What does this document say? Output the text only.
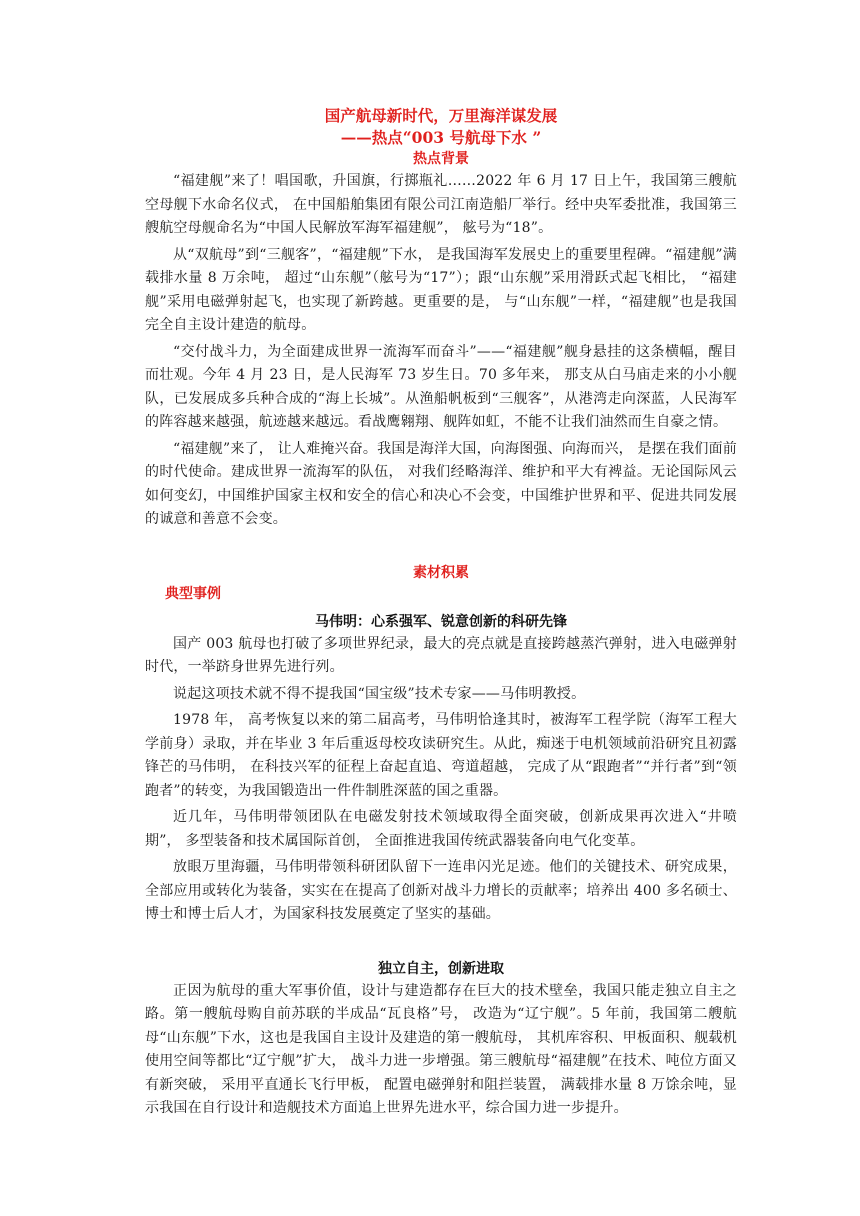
国产航母新时代，万里海洋谋发展
——热点“003 号航母下水 ”
热点背景

“福建舰”来了！唱国歌，升国旗，行掷瓶礼……2022 年 6 月 17 日上午，我国第三艘航空母舰下水命名仪式， 在中国船舶集团有限公司江南造船厂举行。经中央军委批准，我国第三艘航空母舰命名为“中国人民解放军海军福建舰”， 舷号为“18”。

从“双航母”到“三舰客”，“福建舰”下水， 是我国海军发展史上的重要里程碑。“福建舰”满载排水量 8 万余吨， 超过“山东舰”（舷号为“17”）；跟“山东舰”采用滑跃式起飞相比， “福建舰”采用电磁弹射起飞，也实现了新跨越。更重要的是， 与“山东舰”一样，“福建舰”也是我国完全自主设计建造的航母。

“交付战斗力，为全面建成世界一流海军而奋斗”——“福建舰”舰身悬挂的这条横幅，醒目而壮观。今年 4 月 23 日，是人民海军 73 岁生日。70 多年来， 那支从白马庙走来的小小舰队，已发展成多兵种合成的“海上长城”。从渔船帆板到“三舰客”，从港湾走向深蓝，人民海军的阵容越来越强，航迹越来越远。看战鹰翱翔、舰阵如虹，不能不让我们油然而生自豪之情。

“福建舰”来了， 让人难掩兴奋。我国是海洋大国，向海图强、向海而兴， 是摆在我们面前的时代使命。建成世界一流海军的队伍， 对我们经略海洋、维护和平大有裨益。无论国际风云如何变幻，中国维护国家主权和安全的信心和决心不会变，中国维护世界和平、促进共同发展的诚意和善意不会变。

素材积累
典型事例
马伟明：心系强军、锐意创新的科研先锋

国产 003 航母也打破了多项世界纪录，最大的亮点就是直接跨越蒸汽弹射，进入电磁弹射时代，一举跻身世界先进行列。

说起这项技术就不得不提我国“国宝级”技术专家——马伟明教授。

1978 年， 高考恢复以来的第二届高考，马伟明恰逢其时，被海军工程学院（海军工程大学前身）录取，并在毕业 3 年后重返母校攻读研究生。从此，痴迷于电机领域前沿研究且初露锋芒的马伟明， 在科技兴军的征程上奋起直追、弯道超越， 完成了从“跟跑者”“并行者”到“领跑者”的转变，为我国锻造出一件件制胜深蓝的国之重器。

近几年，马伟明带领团队在电磁发射技术领域取得全面突破，创新成果再次进入“井喷期”， 多型装备和技术属国际首创， 全面推进我国传统武器装备向电气化变革。

放眼万里海疆，马伟明带领科研团队留下一连串闪光足迹。他们的关键技术、研究成果，全部应用或转化为装备，实实在在提高了创新对战斗力增长的贡献率；培养出 400 多名硕士、博士和博士后人才，为国家科技发展奠定了坚实的基础。

独立自主，创新进取

正因为航母的重大军事价值，设计与建造都存在巨大的技术壁垒，我国只能走独立自主之路。第一艘航母购自前苏联的半成品“瓦良格”号， 改造为“辽宁舰”。5 年前，我国第二艘航母“山东舰”下水，这也是我国自主设计及建造的第一艘航母， 其机库容积、甲板面积、舰载机使用空间等都比“辽宁舰”扩大， 战斗力进一步增强。第三艘航母“福建舰”在技术、吨位方面又有新突破， 采用平直通长飞行甲板， 配置电磁弹射和阻拦装置， 满载排水量 8 万馀余吨，显示我国在自行设计和造舰技术方面追上世界先进水平，综合国力进一步提升。
